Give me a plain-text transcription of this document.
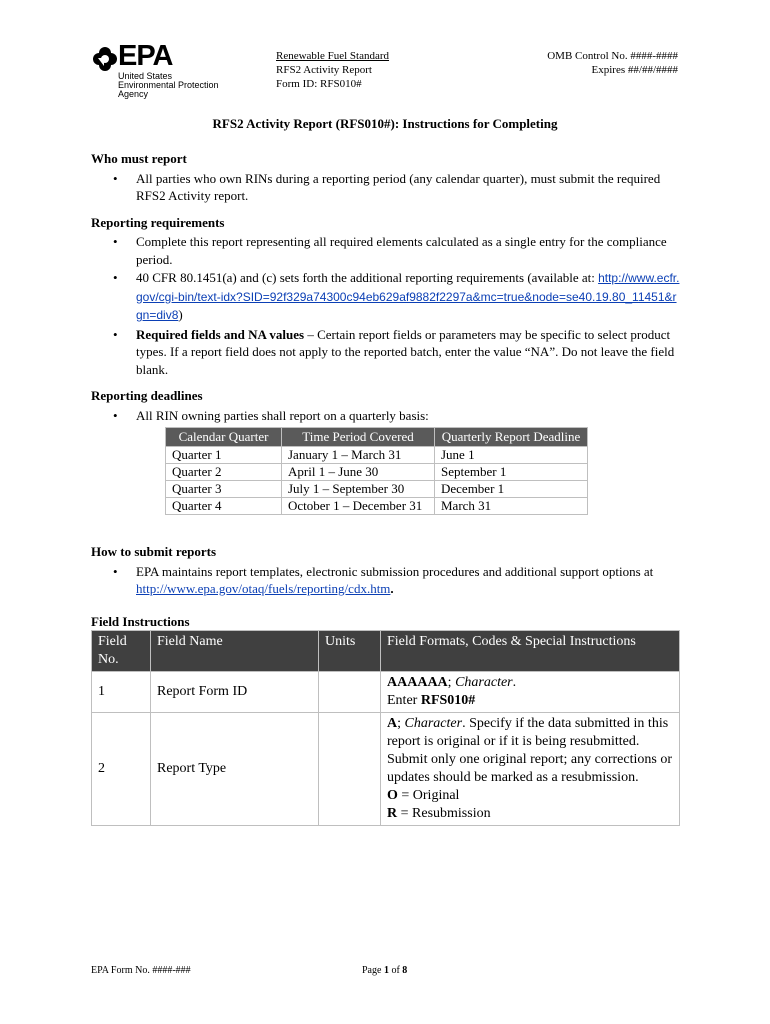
EPA
United States
Environmental Protection
Agency
Renewable Fuel Standard
RFS2 Activity Report
Form ID: RFS010#
OMB Control No. ####-####
Expires ##/##/####
RFS2 Activity Report (RFS010#): Instructions for Completing

Who must report

• All parties who own RINs during a reporting period (any calendar quarter), must submit the required RFS2 Activity report.

Reporting requirements

• Complete this report representing all required elements calculated as a single entry for the compliance period.
• 40 CFR 80.1451(a) and (c) sets forth the additional reporting requirements (available at: http://www.ecfr.gov/cgi-bin/text-idx?SID=92f329a74300c94eb629af9882f2297a&mc=true&node=se40.19.80_11451&rgn=div8)
• Required fields and NA values – Certain report fields or parameters may be specific to select product types. If a report field does not apply to the reported batch, enter the value “NA”. Do not leave the field blank.

Reporting deadlines

• All RIN owning parties shall report on a quarterly basis:
Calendar Quarter	Time Period Covered	Quarterly Report Deadline
Quarter 1	January 1 – March 31	June 1
Quarter 2	April 1 – June 30	September 1
Quarter 3	July 1 – September 30	December 1
Quarter 4	October 1 – December 31	March 31

How to submit reports

• EPA maintains report templates, electronic submission procedures and additional support options at http://www.epa.gov/otaq/fuels/reporting/cdx.htm.

Field Instructions

Field No.	Field Name	Units	Field Formats, Codes & Special Instructions
1	Report Form ID		AAAAAA; Character.
Enter RFS010#
2	Report Type		A; Character. Specify if the data submitted in this report is original or if it is being resubmitted. Submit only one original report; any corrections or updates should be marked as a resubmission.
O = Original
R = Resubmission
EPA Form No. ####-###	Page 1 of 8
